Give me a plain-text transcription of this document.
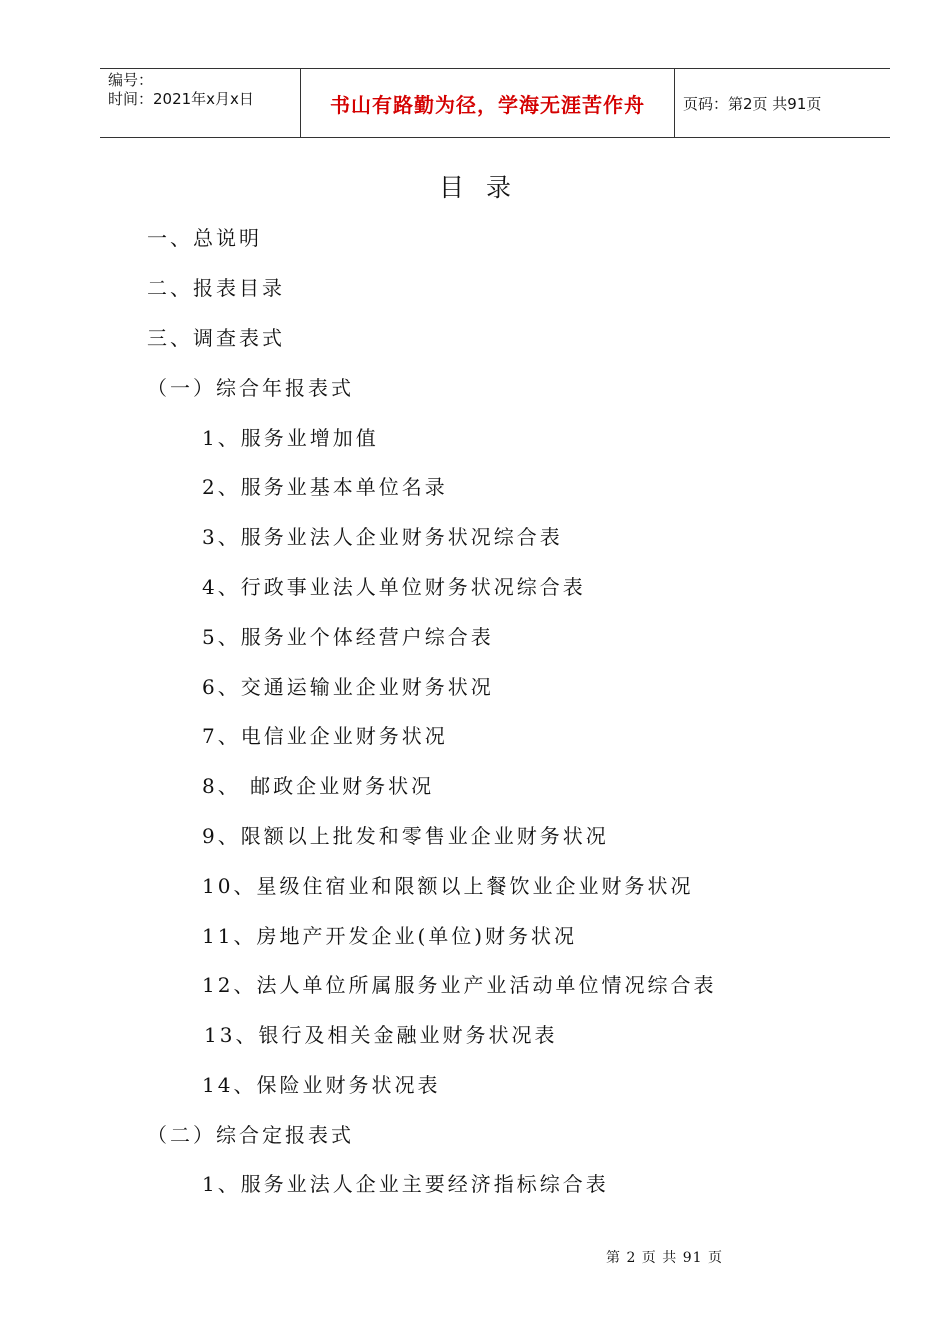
编号：
时间：2021年x月x日	书山有路勤为径，学海无涯苦作舟	页码：第2页 共91页
目录
一、总说明
二、报表目录
三、调查表式
（一）综合年报表式
1、服务业增加值
2、服务业基本单位名录
3、服务业法人企业财务状况综合表
4、行政事业法人单位财务状况综合表
5、服务业个体经营户综合表
6、交通运输业企业财务状况
7、电信业企业财务状况
8、 邮政企业财务状况
9、限额以上批发和零售业企业财务状况
10、星级住宿业和限额以上餐饮业企业财务状况
11、房地产开发企业(单位)财务状况
12、法人单位所属服务业产业活动单位情况综合表
13、银行及相关金融业财务状况表
14、保险业财务状况表
（二）综合定报表式
1、服务业法人企业主要经济指标综合表
第 2 页 共 91 页
